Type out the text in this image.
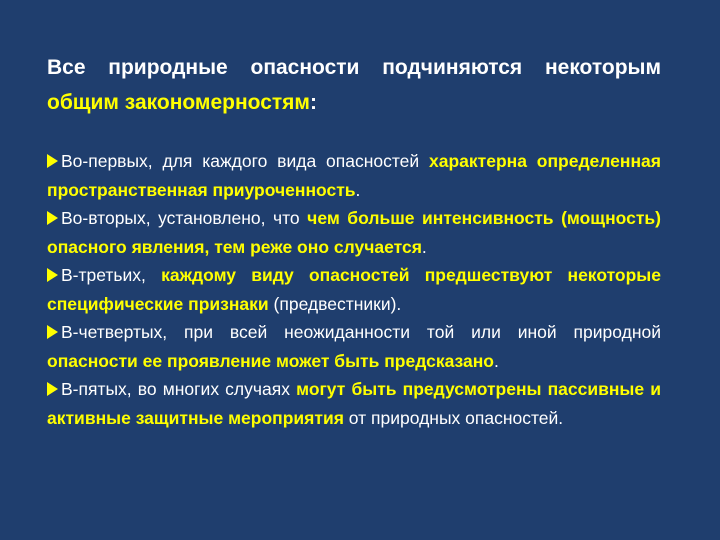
Все природные опасности подчиняются некоторым общим закономерностям:
Во-первых, для каждого вида опасностей характерна определенная пространственная приуроченность.
Во-вторых, установлено, что чем больше интенсивность (мощность) опасного явления, тем реже оно случается.
В-третьих, каждому виду опасностей предшествуют некоторые специфические признаки (предвестники).
В-четвертых, при всей неожиданности той или иной природной опасности ее проявление может быть предсказано.
В-пятых, во многих случаях могут быть предусмотрены пассивные и активные защитные мероприятия от природных опасностей.
